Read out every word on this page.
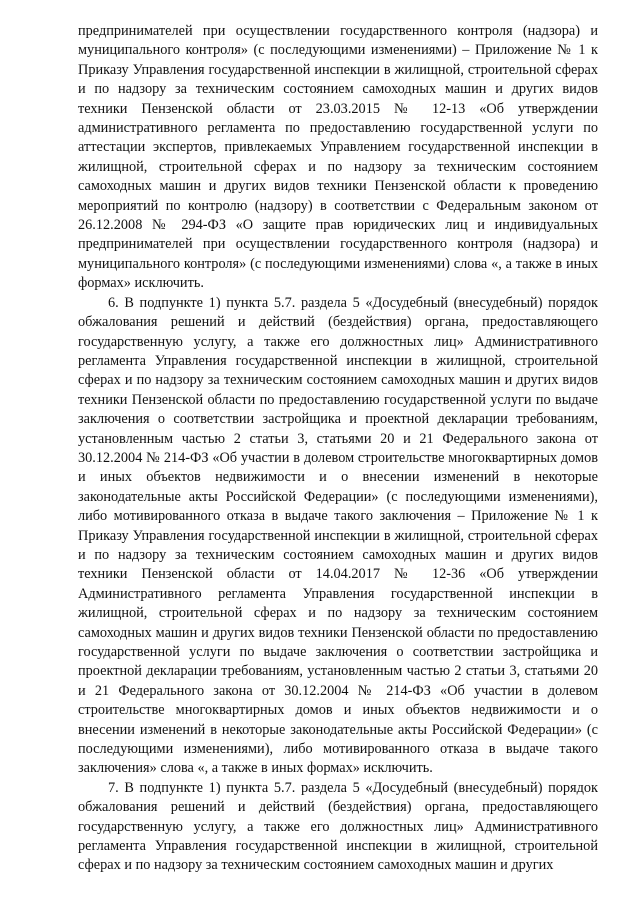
предпринимателей при осуществлении государственного контроля (надзора) и муниципального контроля» (с последующими изменениями) – Приложение № 1 к Приказу Управления государственной инспекции в жилищной, строительной сферах и по надзору за техническим состоянием самоходных машин и других видов техники Пензенской области от 23.03.2015 № 12-13 «Об утверждении административного регламента по предоставлению государственной услуги по аттестации экспертов, привлекаемых Управлением государственной инспекции в жилищной, строительной сферах и по надзору за техническим состоянием самоходных машин и других видов техники Пензенской области к проведению мероприятий по контролю (надзору) в соответствии с Федеральным законом от 26.12.2008 № 294-ФЗ «О защите прав юридических лиц и индивидуальных предпринимателей при осуществлении государственного контроля (надзора) и муниципального контроля» (с последующими изменениями) слова «, а также в иных формах» исключить.

6. В подпункте 1) пункта 5.7. раздела 5 «Досудебный (внесудебный) порядок обжалования решений и действий (бездействия) органа, предоставляющего государственную услугу, а также его должностных лиц» Административного регламента Управления государственной инспекции в жилищной, строительной сферах и по надзору за техническим состоянием самоходных машин и других видов техники Пензенской области по предоставлению государственной услуги по выдаче заключения о соответствии застройщика и проектной декларации требованиям, установленным частью 2 статьи 3, статьями 20 и 21 Федерального закона от 30.12.2004 № 214-ФЗ «Об участии в долевом строительстве многоквартирных домов и иных объектов недвижимости и о внесении изменений в некоторые законодательные акты Российской Федерации» (с последующими изменениями), либо мотивированного отказа в выдаче такого заключения – Приложение № 1 к Приказу Управления государственной инспекции в жилищной, строительной сферах и по надзору за техническим состоянием самоходных машин и других видов техники Пензенской области от 14.04.2017 № 12-36 «Об утверждении Административного регламента Управления государственной инспекции в жилищной, строительной сферах и по надзору за техническим состоянием самоходных машин и других видов техники Пензенской области по предоставлению государственной услуги по выдаче заключения о соответствии застройщика и проектной декларации требованиям, установленным частью 2 статьи 3, статьями 20 и 21 Федерального закона от 30.12.2004 № 214-ФЗ «Об участии в долевом строительстве многоквартирных домов и иных объектов недвижимости и о внесении изменений в некоторые законодательные акты Российской Федерации» (с последующими изменениями), либо мотивированного отказа в выдаче такого заключения» слова «, а также в иных формах» исключить.

7. В подпункте 1) пункта 5.7. раздела 5 «Досудебный (внесудебный) порядок обжалования решений и действий (бездействия) органа, предоставляющего государственную услугу, а также его должностных лиц» Административного регламента Управления государственной инспекции в жилищной, строительной сферах и по надзору за техническим состоянием самоходных машин и других
